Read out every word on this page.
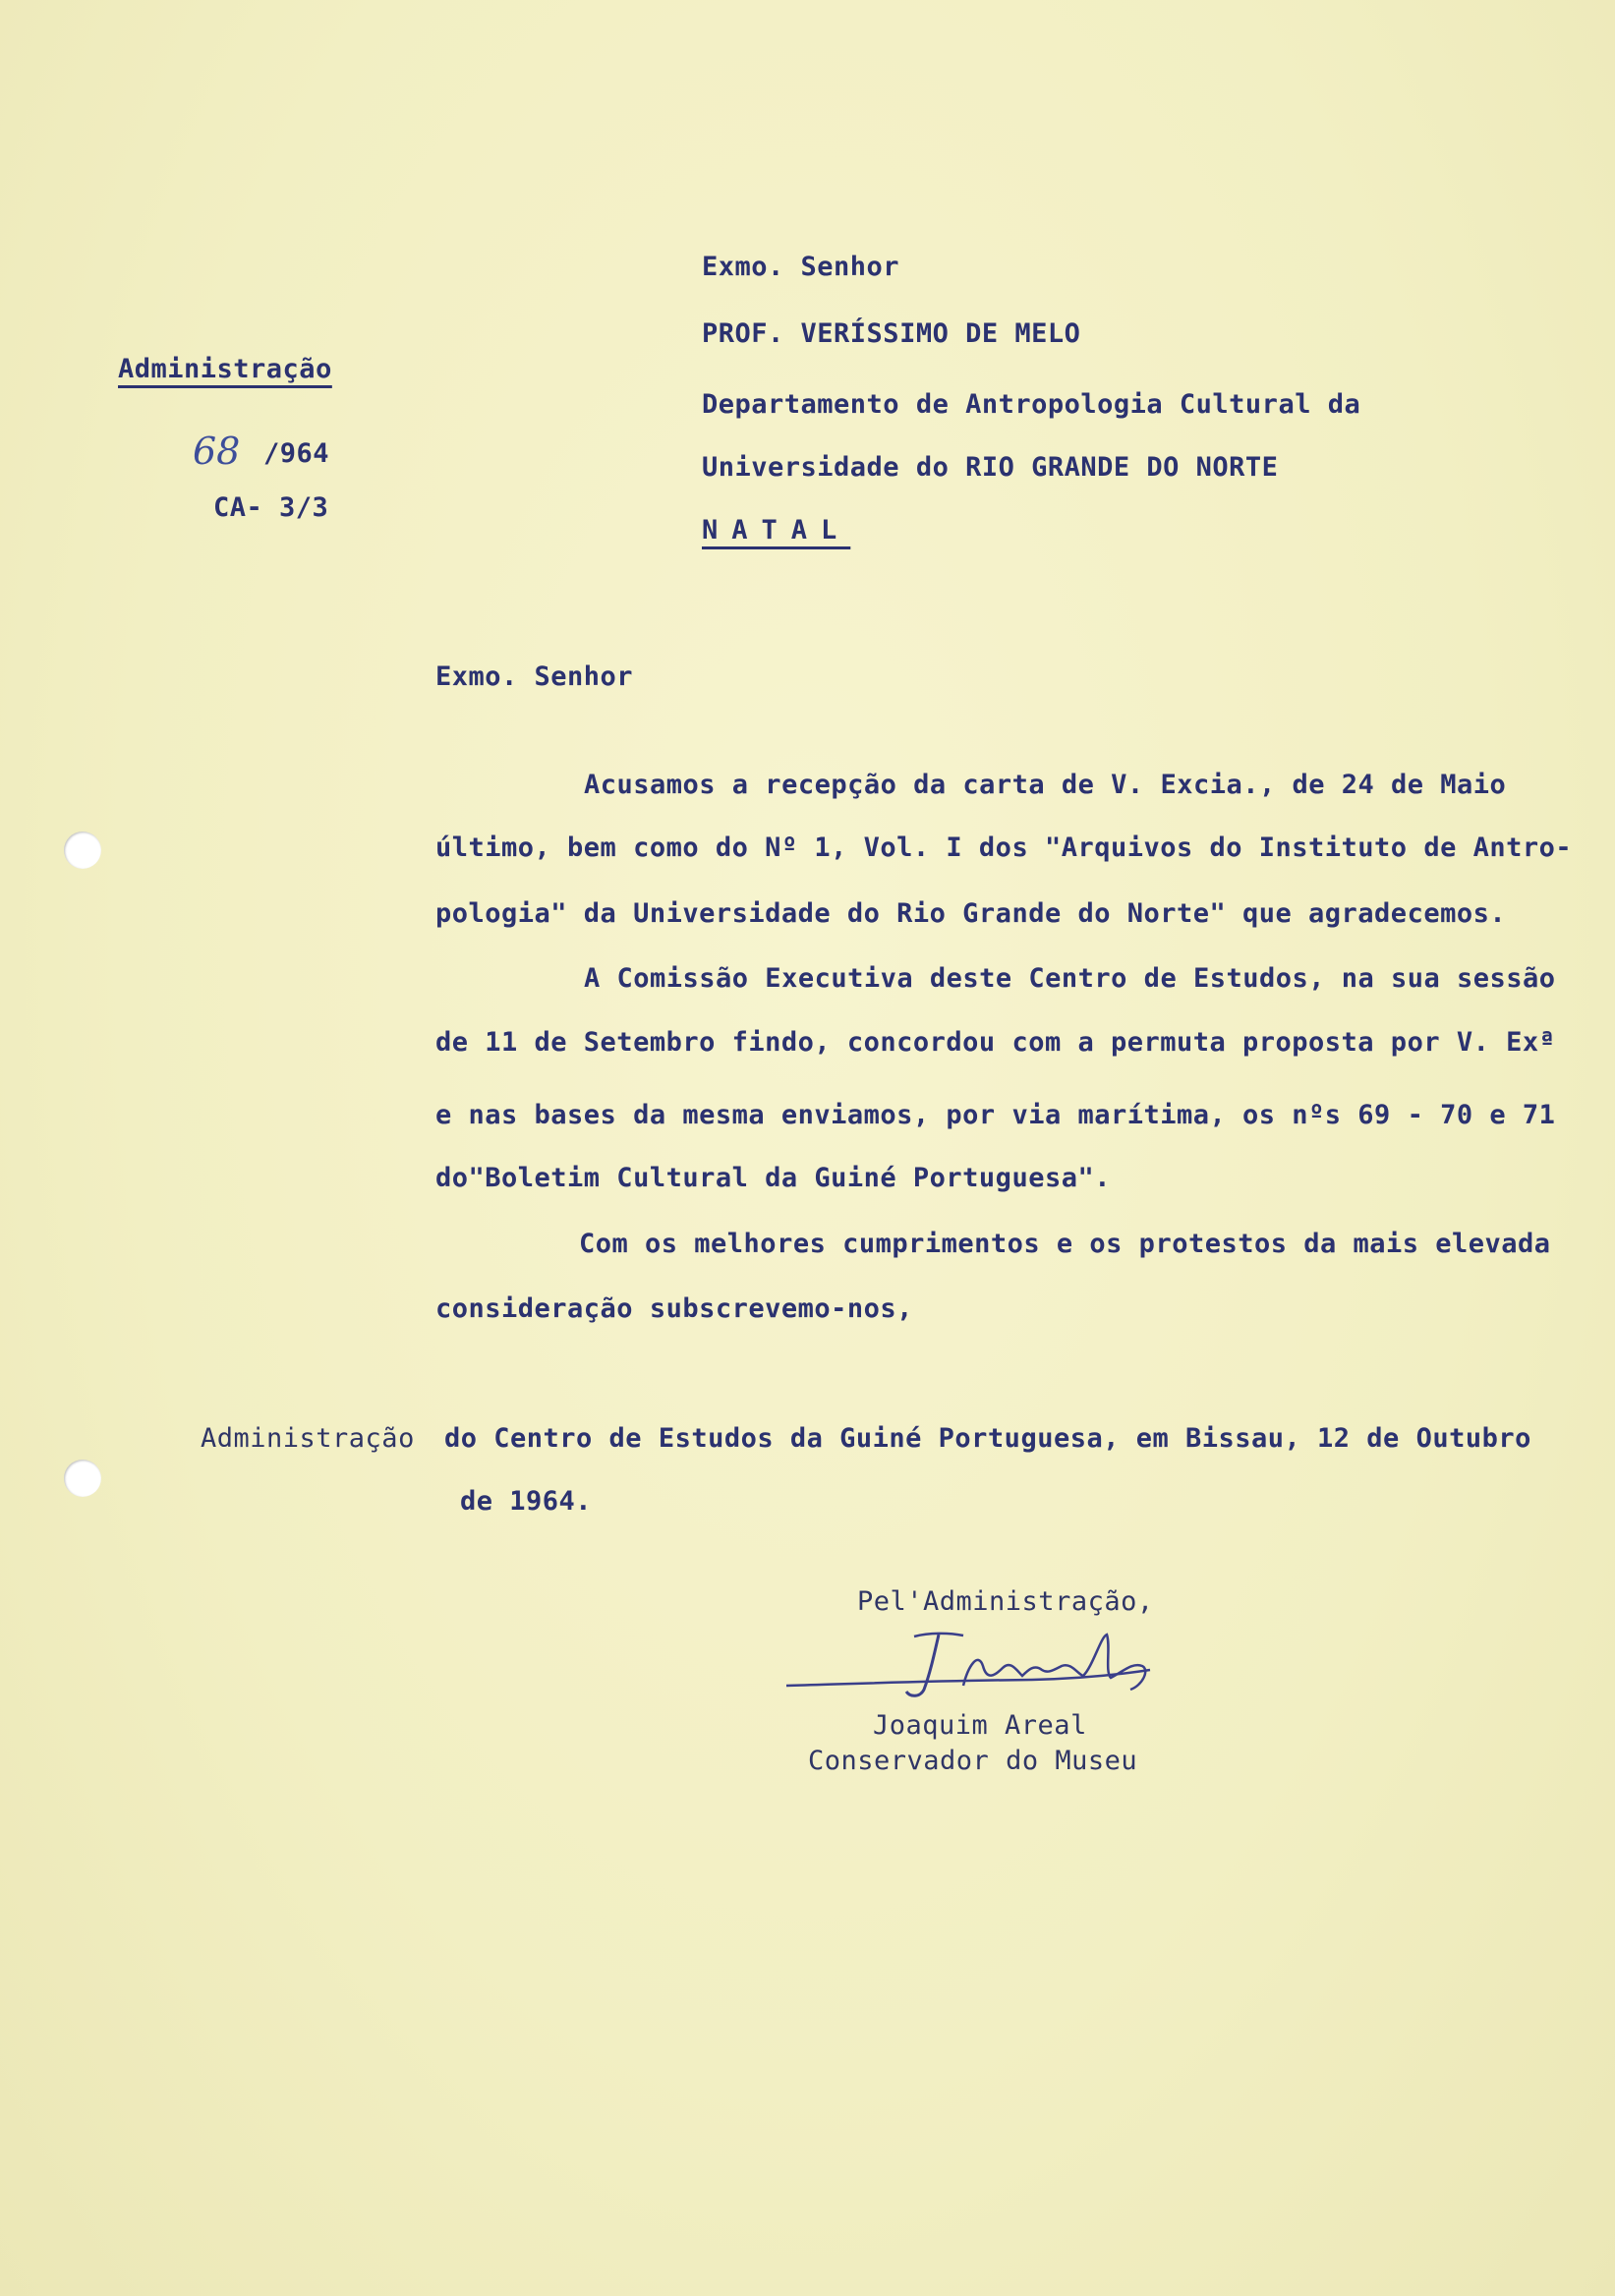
Exmo. Senhor
PROF. VERÍSSIMO DE MELO
Departamento de Antropologia Cultural da
Universidade do RIO GRANDE DO NORTE
NATAL
Administração
68 /964
CA- 3/3
Exmo. Senhor
Acusamos a recepção da carta de V. Excia., de 24 de Maio
último, bem como do Nº 1, Vol. I dos "Arquivos do Instituto de Antro-
pologia" da Universidade do Rio Grande do Norte" que agradecemos.
A Comissão Executiva deste Centro de Estudos, na sua sessão
de 11 de Setembro findo, concordou com a permuta proposta por V. Exª
e nas bases da mesma enviamos, por via marítima, os nºs 69 - 70 e 71
do"Boletim Cultural da Guiné Portuguesa".
Com os melhores cumprimentos e os protestos da mais elevada
consideração subscrevemo-nos,
Administração do Centro de Estudos da Guiné Portuguesa, em Bissau, 12 de Outubro
de 1964.
Pel'Administração,
Joaquim Areal
Conservador do Museu
